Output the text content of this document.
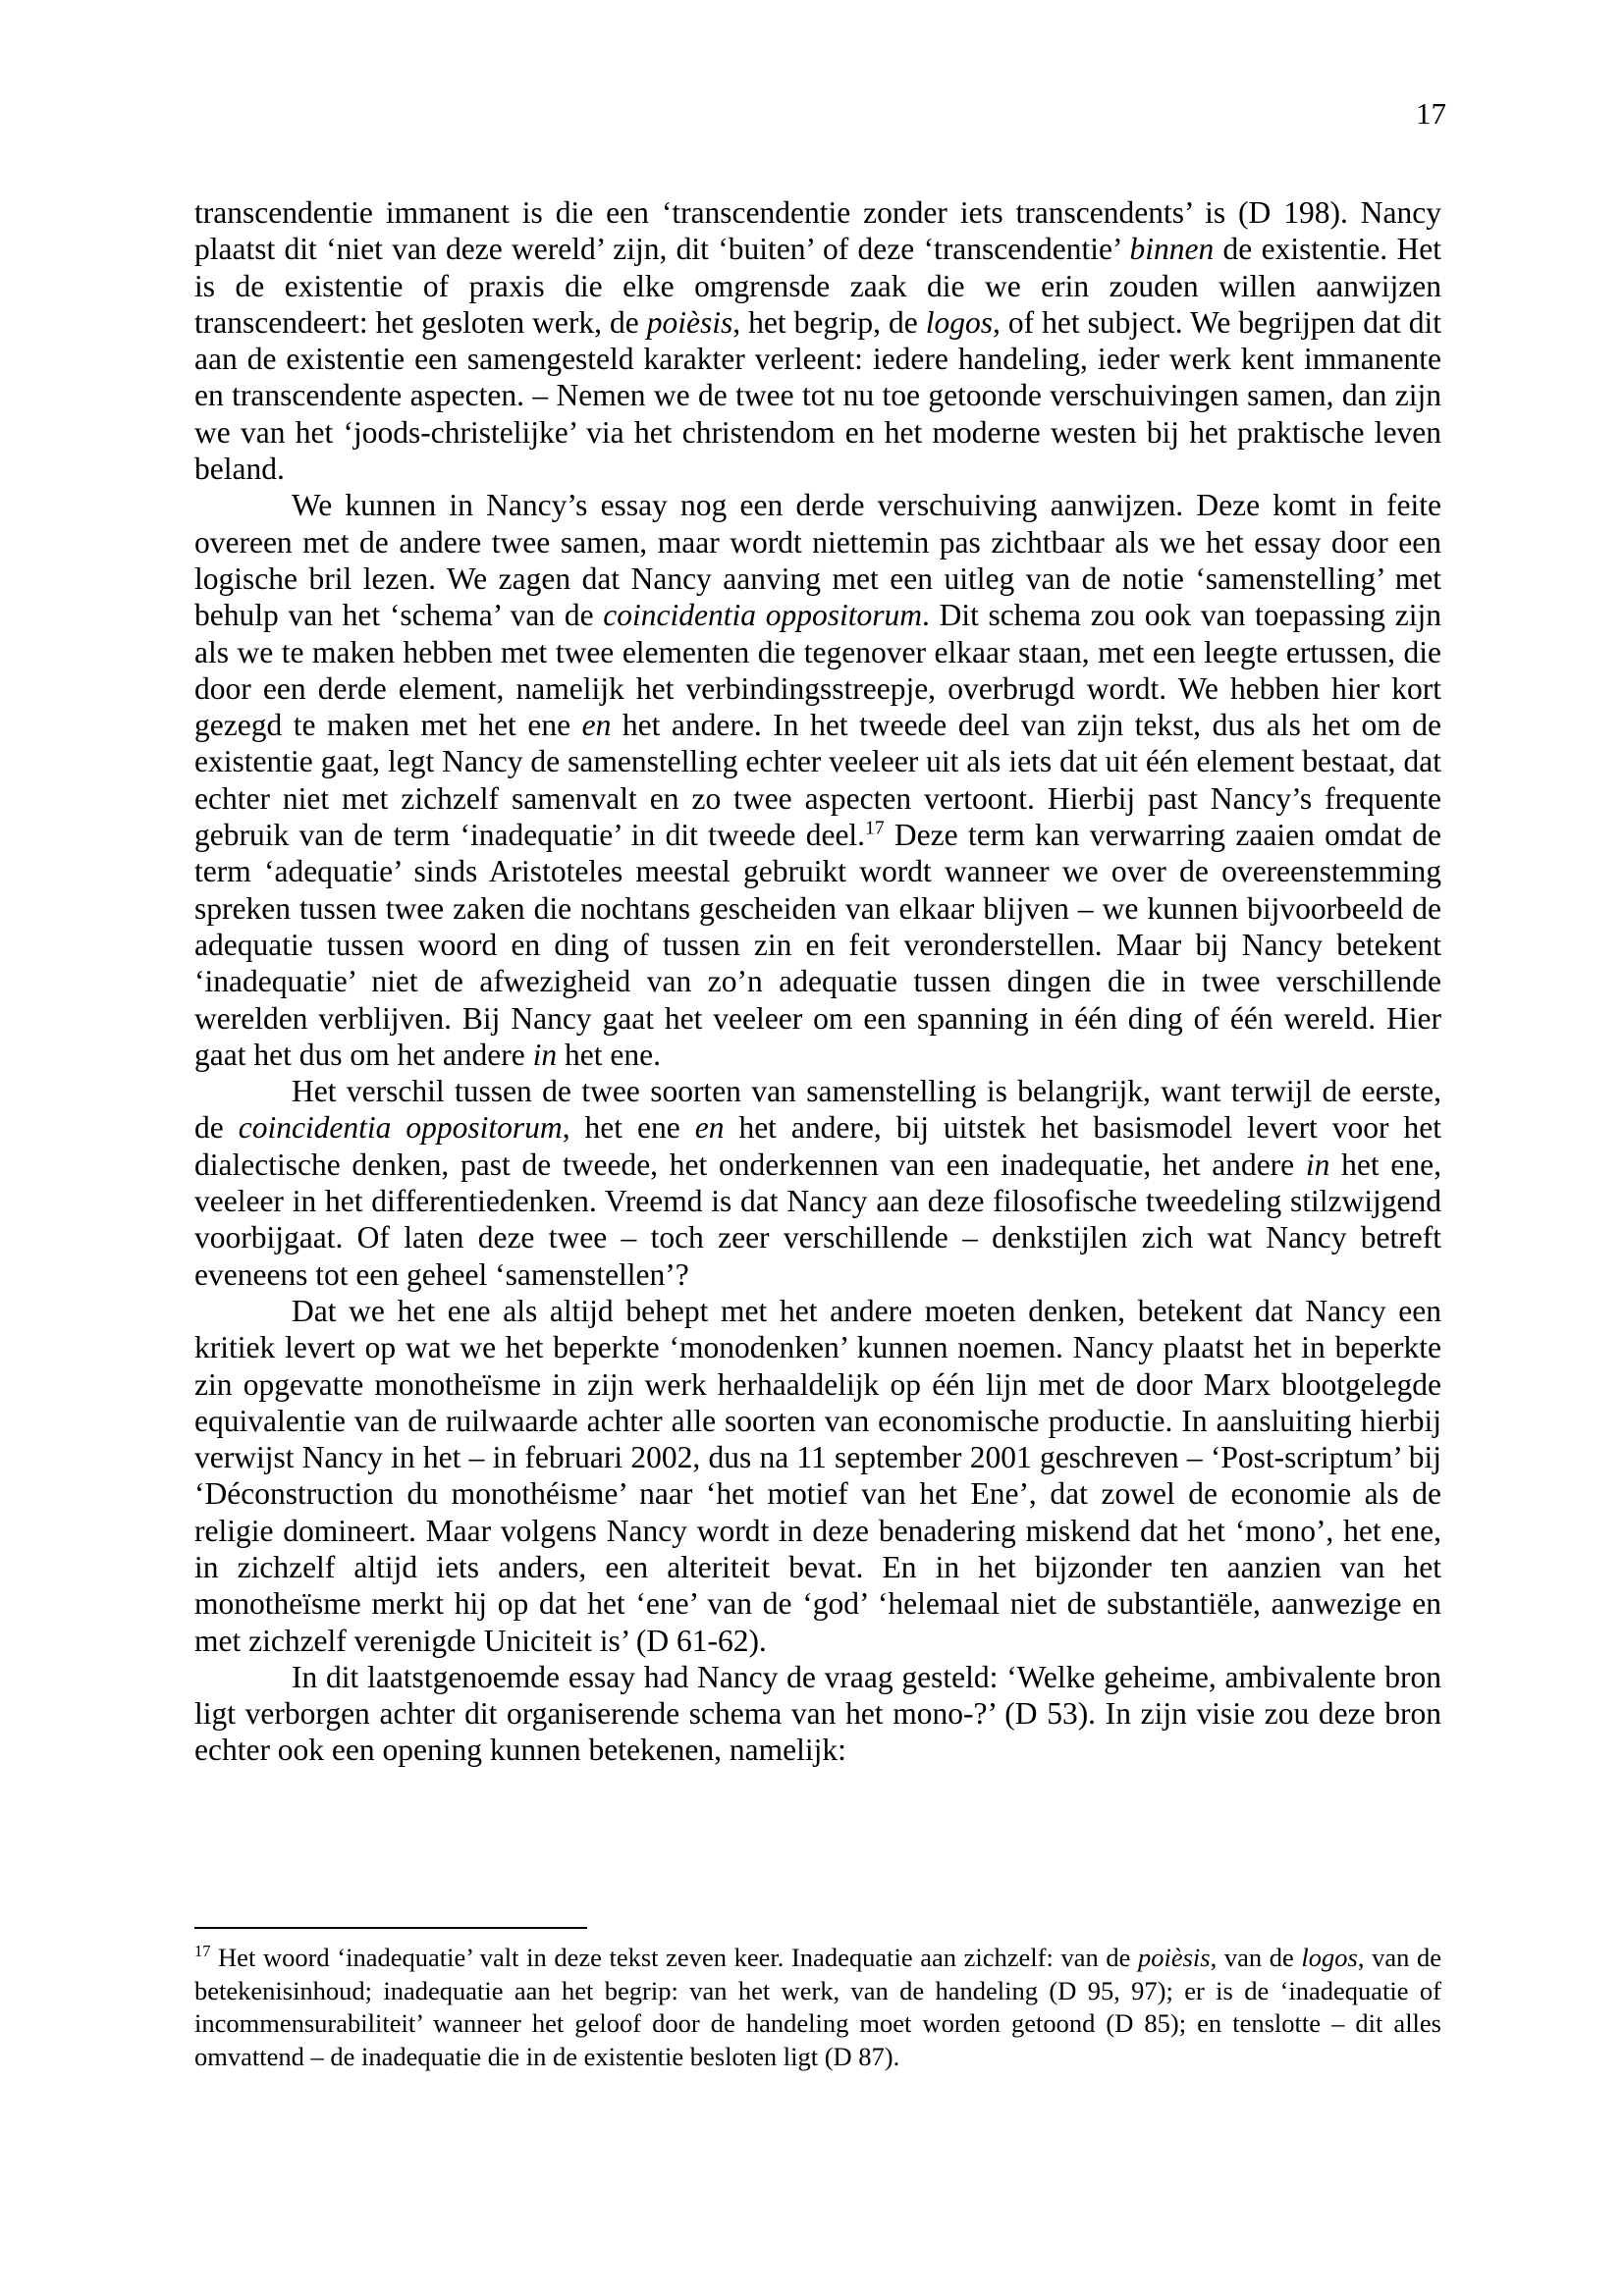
17

transcendentie immanent is die een ‘transcendentie zonder iets transcendents’ is (D 198). Nancy plaatst dit ‘niet van deze wereld’ zijn, dit ‘buiten’ of deze ‘transcendentie’ binnen de existentie. Het is de existentie of praxis die elke omgrensde zaak die we erin zouden willen aanwijzen transcendeert: het gesloten werk, de poièsis, het begrip, de logos, of het subject. We begrijpen dat dit aan de existentie een samengesteld karakter verleent: iedere handeling, ieder werk kent immanente en transcendente aspecten. – Nemen we de twee tot nu toe getoonde verschuivingen samen, dan zijn we van het ‘joods-christelijke’ via het christendom en het moderne westen bij het praktische leven beland.

We kunnen in Nancy’s essay nog een derde verschuiving aanwijzen. Deze komt in feite overeen met de andere twee samen, maar wordt niettemin pas zichtbaar als we het essay door een logische bril lezen. We zagen dat Nancy aanving met een uitleg van de notie ‘samenstelling’ met behulp van het ‘schema’ van de coincidentia oppositorum. Dit schema zou ook van toepassing zijn als we te maken hebben met twee elementen die tegenover elkaar staan, met een leegte ertussen, die door een derde element, namelijk het verbindingsstreepje, overbrugd wordt. We hebben hier kort gezegd te maken met het ene en het andere. In het tweede deel van zijn tekst, dus als het om de existentie gaat, legt Nancy de samenstelling echter veeleer uit als iets dat uit één element bestaat, dat echter niet met zichzelf samenvalt en zo twee aspecten vertoont. Hierbij past Nancy’s frequente gebruik van de term ‘inadequatie’ in dit tweede deel.$^{17}$ Deze term kan verwarring zaaien omdat de term ‘adequatie’ sinds Aristoteles meestal gebruikt wordt wanneer we over de overeenstemming spreken tussen twee zaken die nochtans gescheiden van elkaar blijven – we kunnen bijvoorbeeld de adequatie tussen woord en ding of tussen zin en feit veronderstellen. Maar bij Nancy betekent ‘inadequatie’ niet de afwezigheid van zo’n adequatie tussen dingen die in twee verschillende werelden verblijven. Bij Nancy gaat het veeleer om een spanning in één ding of één wereld. Hier gaat het dus om het andere in het ene.

Het verschil tussen de twee soorten van samenstelling is belangrijk, want terwijl de eerste, de coincidentia oppositorum, het ene en het andere, bij uitstek het basismodel levert voor het dialectische denken, past de tweede, het onderkennen van een inadequatie, het andere in het ene, veeleer in het differentiedenken. Vreemd is dat Nancy aan deze filosofische tweedeling stilzwijgend voorbijgaat. Of laten deze twee – toch zeer verschillende – denkstijlen zich wat Nancy betreft eveneens tot een geheel ‘samenstellen’?

Dat we het ene als altijd behept met het andere moeten denken, betekent dat Nancy een kritiek levert op wat we het beperkte ‘monodenken’ kunnen noemen. Nancy plaatst het in beperkte zin opgevatte monotheïsme in zijn werk herhaaldelijk op één lijn met de door Marx blootgelegde equivalentie van de ruilwaarde achter alle soorten van economische productie. In aansluiting hierbij verwijst Nancy in het – in februari 2002, dus na 11 september 2001 geschreven – ‘Post-scriptum’ bij ‘Déconstruction du monothéisme’ naar ‘het motief van het Ene’, dat zowel de economie als de religie domineert. Maar volgens Nancy wordt in deze benadering miskend dat het ‘mono’, het ene, in zichzelf altijd iets anders, een alteriteit bevat. En in het bijzonder ten aanzien van het monotheïsme merkt hij op dat het ‘ene’ van de ‘god’ ‘helemaal niet de substantiële, aanwezige en met zichzelf verenigde Uniciteit is’ (D 61-62).

In dit laatstgenoemde essay had Nancy de vraag gesteld: ‘Welke geheime, ambivalente bron ligt verborgen achter dit organiserende schema van het mono-?’ (D 53). In zijn visie zou deze bron echter ook een opening kunnen betekenen, namelijk:

$^{17}$ Het woord ‘inadequatie’ valt in deze tekst zeven keer. Inadequatie aan zichzelf: van de poièsis, van de logos, van de betekenisinhoud; inadequatie aan het begrip: van het werk, van de handeling (D 95, 97); er is de ‘inadequatie of incommensurabiliteit’ wanneer het geloof door de handeling moet worden getoond (D 85); en tenslotte – dit alles omvattend – de inadequatie die in de existentie besloten ligt (D 87).
